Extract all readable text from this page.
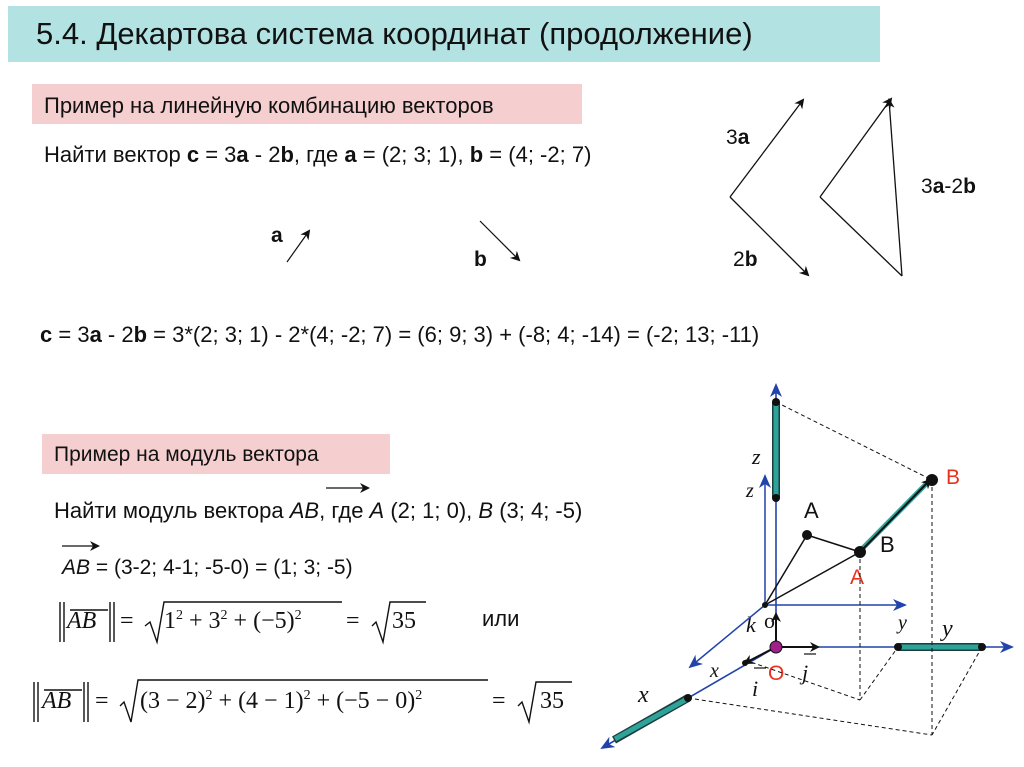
5.4. Декартова система координат (продолжение)
Пример на линейную комбинацию векторов
Найти вектор c = 3a - 2b, где a = (2; 3; 1), b = (4; -2; 7)
a
b
c = 3a - 2b = 3*(2; 3; 1) - 2*(4; -2; 7) = (6; 9; 3) + (-8; 4; -14) = (-2; 13; -11)
3a
2b
3a-2b
Пример на модуль вектора
Найти модуль вектора AB, где A (2; 1; 0), B (3; 4; -5)
AB = (3-2; 4-1; -5-0) = (1; 3; -5)
AB = $1^2 + 3^2 + (-5)^2 = 35$	или
AB = $(3 - 2)^2 + (4 - 1)^2 + (-5 - 0)^2$	= 35
z
z
A
A
B
B
k o
O
i
j
x
x
y y
